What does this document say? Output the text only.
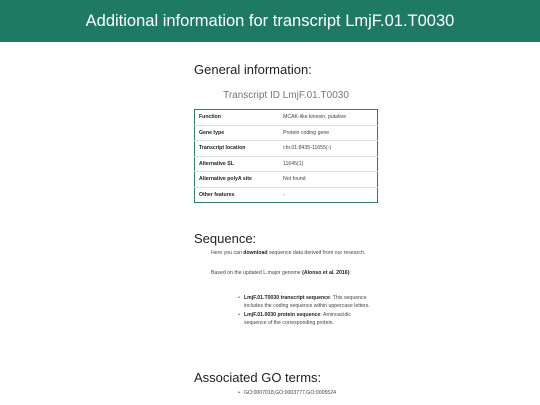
Additional information for transcript LmjF.01.T0030
General information:
Transcript ID LmjF.01.T0030
Function	MCAK-like kinesin, putative
Gene type	Protein coding gene
Transcript location	chr.01:8435-11655(-)
Alternative SL	11645(1)
Alternative polyA site	Not found
Other features	-
Sequence:

Here you can download sequence data derived from our research.

Based on the updated L.major genome (Alonso et al. 2016):

• LmjF.01.T0030 transcript sequence: This sequence includes the coding sequence within uppercase letters.
• LmjF.01.0030 protein sequence: Aminoacidic sequence of the corresponding protein.
Associated GO terms:
• GO:0007018,GO:0003777,GO:0005524
